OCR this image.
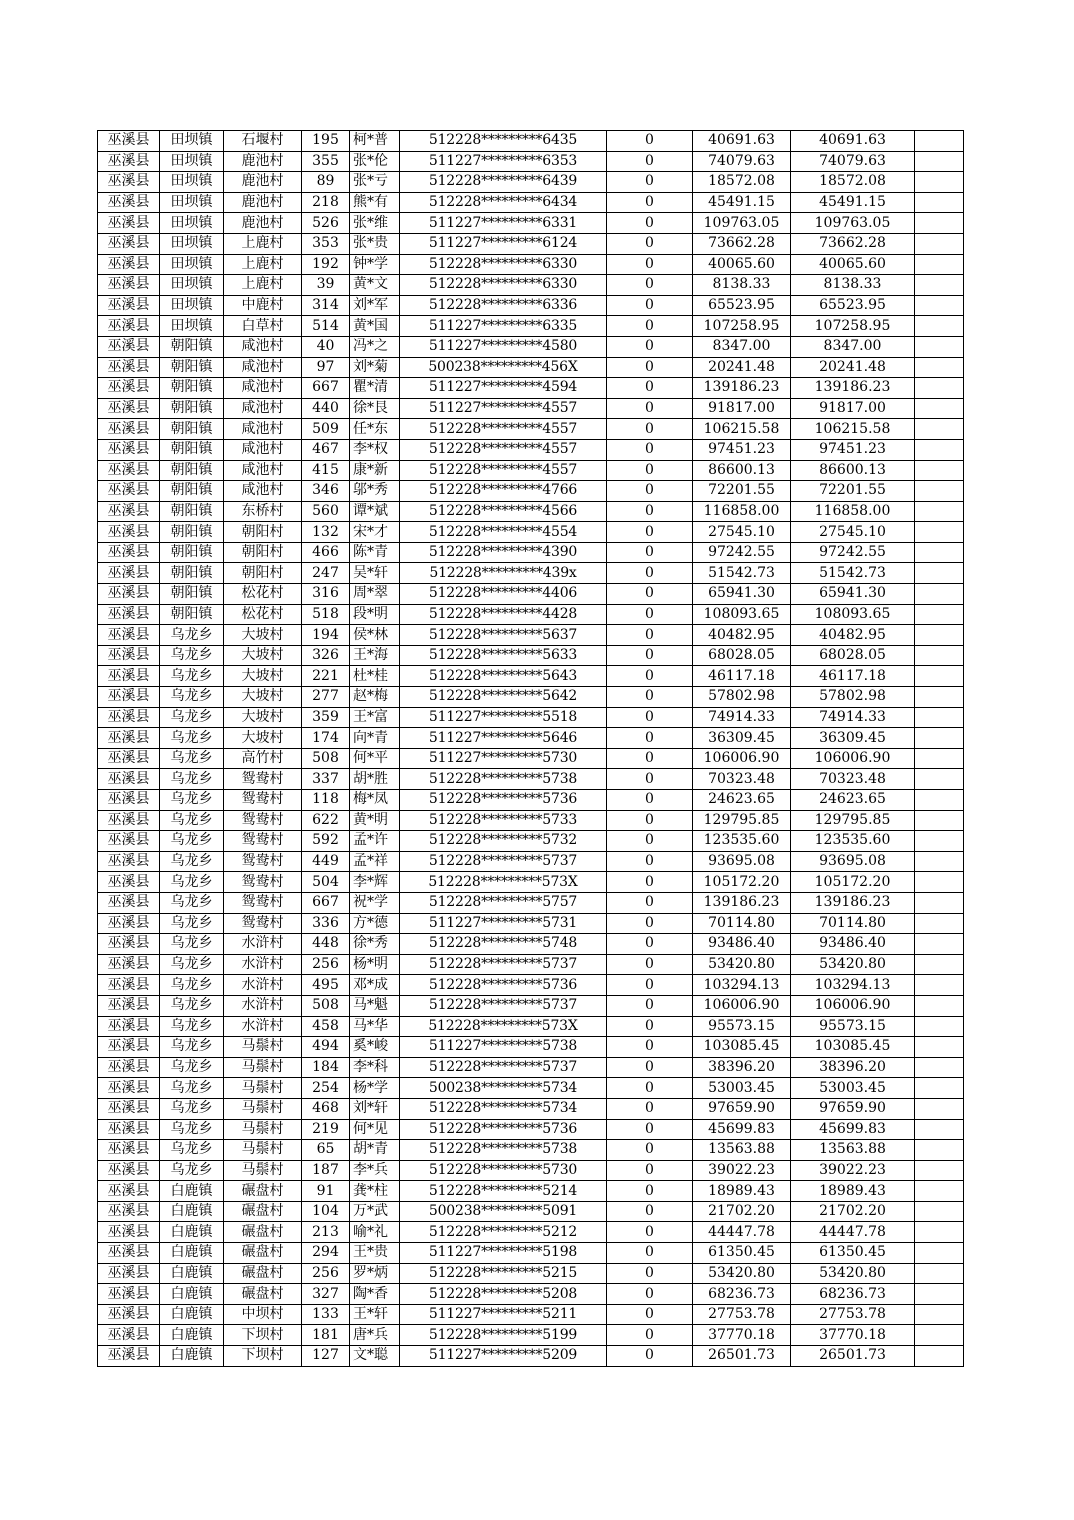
巫溪县	田坝镇	石堰村	195	柯*普	512228*********6435	0	40691.63	40691.63	
巫溪县	田坝镇	鹿池村	355	张*伦	511227*********6353	0	74079.63	74079.63	
巫溪县	田坝镇	鹿池村	89	张*亏	512228*********6439	0	18572.08	18572.08	
巫溪县	田坝镇	鹿池村	218	熊*有	512228*********6434	0	45491.15	45491.15	
巫溪县	田坝镇	鹿池村	526	张*维	511227*********6331	0	109763.05	109763.05	
巫溪县	田坝镇	上鹿村	353	张*贵	511227*********6124	0	73662.28	73662.28	
巫溪县	田坝镇	上鹿村	192	钟*学	512228*********6330	0	40065.60	40065.60	
巫溪县	田坝镇	上鹿村	39	黄*文	512228*********6330	0	8138.33	8138.33	
巫溪县	田坝镇	中鹿村	314	刘*军	512228*********6336	0	65523.95	65523.95	
巫溪县	田坝镇	白草村	514	黄*国	511227*********6335	0	107258.95	107258.95	
巫溪县	朝阳镇	咸池村	40	冯*之	511227*********4580	0	8347.00	8347.00	
巫溪县	朝阳镇	咸池村	97	刘*菊	500238*********456X	0	20241.48	20241.48	
巫溪县	朝阳镇	咸池村	667	瞿*清	511227*********4594	0	139186.23	139186.23	
巫溪县	朝阳镇	咸池村	440	徐*艮	511227*********4557	0	91817.00	91817.00	
巫溪县	朝阳镇	咸池村	509	任*东	512228*********4557	0	106215.58	106215.58	
巫溪县	朝阳镇	咸池村	467	李*权	512228*********4557	0	97451.23	97451.23	
巫溪县	朝阳镇	咸池村	415	康*新	512228*********4557	0	86600.13	86600.13	
巫溪县	朝阳镇	咸池村	346	邬*秀	512228*********4766	0	72201.55	72201.55	
巫溪县	朝阳镇	东桥村	560	谭*斌	512228*********4566	0	116858.00	116858.00	
巫溪县	朝阳镇	朝阳村	132	宋*才	512228*********4554	0	27545.10	27545.10	
巫溪县	朝阳镇	朝阳村	466	陈*青	512228*********4390	0	97242.55	97242.55	
巫溪县	朝阳镇	朝阳村	247	吴*轩	512228*********439x	0	51542.73	51542.73	
巫溪县	朝阳镇	松花村	316	周*翠	512228*********4406	0	65941.30	65941.30	
巫溪县	朝阳镇	松花村	518	段*明	512228*********4428	0	108093.65	108093.65	
巫溪县	乌龙乡	大坡村	194	侯*林	512228*********5637	0	40482.95	40482.95	
巫溪县	乌龙乡	大坡村	326	王*海	512228*********5633	0	68028.05	68028.05	
巫溪县	乌龙乡	大坡村	221	杜*桂	512228*********5643	0	46117.18	46117.18	
巫溪县	乌龙乡	大坡村	277	赵*梅	512228*********5642	0	57802.98	57802.98	
巫溪县	乌龙乡	大坡村	359	王*富	511227*********5518	0	74914.33	74914.33	
巫溪县	乌龙乡	大坡村	174	向*青	511227*********5646	0	36309.45	36309.45	
巫溪县	乌龙乡	高竹村	508	何*平	511227*********5730	0	106006.90	106006.90	
巫溪县	乌龙乡	鸳鸯村	337	胡*胜	512228*********5738	0	70323.48	70323.48	
巫溪县	乌龙乡	鸳鸯村	118	梅*凤	512228*********5736	0	24623.65	24623.65	
巫溪县	乌龙乡	鸳鸯村	622	黄*明	512228*********5733	0	129795.85	129795.85	
巫溪县	乌龙乡	鸳鸯村	592	孟*许	512228*********5732	0	123535.60	123535.60	
巫溪县	乌龙乡	鸳鸯村	449	孟*祥	512228*********5737	0	93695.08	93695.08	
巫溪县	乌龙乡	鸳鸯村	504	李*辉	512228*********573X	0	105172.20	105172.20	
巫溪县	乌龙乡	鸳鸯村	667	祝*学	512228*********5757	0	139186.23	139186.23	
巫溪县	乌龙乡	鸳鸯村	336	方*德	511227*********5731	0	70114.80	70114.80	
巫溪县	乌龙乡	水浒村	448	徐*秀	512228*********5748	0	93486.40	93486.40	
巫溪县	乌龙乡	水浒村	256	杨*明	512228*********5737	0	53420.80	53420.80	
巫溪县	乌龙乡	水浒村	495	邓*成	512228*********5736	0	103294.13	103294.13	
巫溪县	乌龙乡	水浒村	508	马*魁	512228*********5737	0	106006.90	106006.90	
巫溪县	乌龙乡	水浒村	458	马*华	512228*********573X	0	95573.15	95573.15	
巫溪县	乌龙乡	马鬃村	494	奚*峻	511227*********5738	0	103085.45	103085.45	
巫溪县	乌龙乡	马鬃村	184	李*科	512228*********5737	0	38396.20	38396.20	
巫溪县	乌龙乡	马鬃村	254	杨*学	500238*********5734	0	53003.45	53003.45	
巫溪县	乌龙乡	马鬃村	468	刘*轩	512228*********5734	0	97659.90	97659.90	
巫溪县	乌龙乡	马鬃村	219	何*见	512228*********5736	0	45699.83	45699.83	
巫溪县	乌龙乡	马鬃村	65	胡*青	512228*********5738	0	13563.88	13563.88	
巫溪县	乌龙乡	马鬃村	187	李*兵	512228*********5730	0	39022.23	39022.23	
巫溪县	白鹿镇	碾盘村	91	龚*柱	512228*********5214	0	18989.43	18989.43	
巫溪县	白鹿镇	碾盘村	104	万*武	500238*********5091	0	21702.20	21702.20	
巫溪县	白鹿镇	碾盘村	213	喻*礼	512228*********5212	0	44447.78	44447.78	
巫溪县	白鹿镇	碾盘村	294	王*贵	511227*********5198	0	61350.45	61350.45	
巫溪县	白鹿镇	碾盘村	256	罗*炳	512228*********5215	0	53420.80	53420.80	
巫溪县	白鹿镇	碾盘村	327	陶*香	512228*********5208	0	68236.73	68236.73	
巫溪县	白鹿镇	中坝村	133	王*轩	511227*********5211	0	27753.78	27753.78	
巫溪县	白鹿镇	下坝村	181	唐*兵	512228*********5199	0	37770.18	37770.18	
巫溪县	白鹿镇	下坝村	127	文*聪	511227*********5209	0	26501.73	26501.73	
